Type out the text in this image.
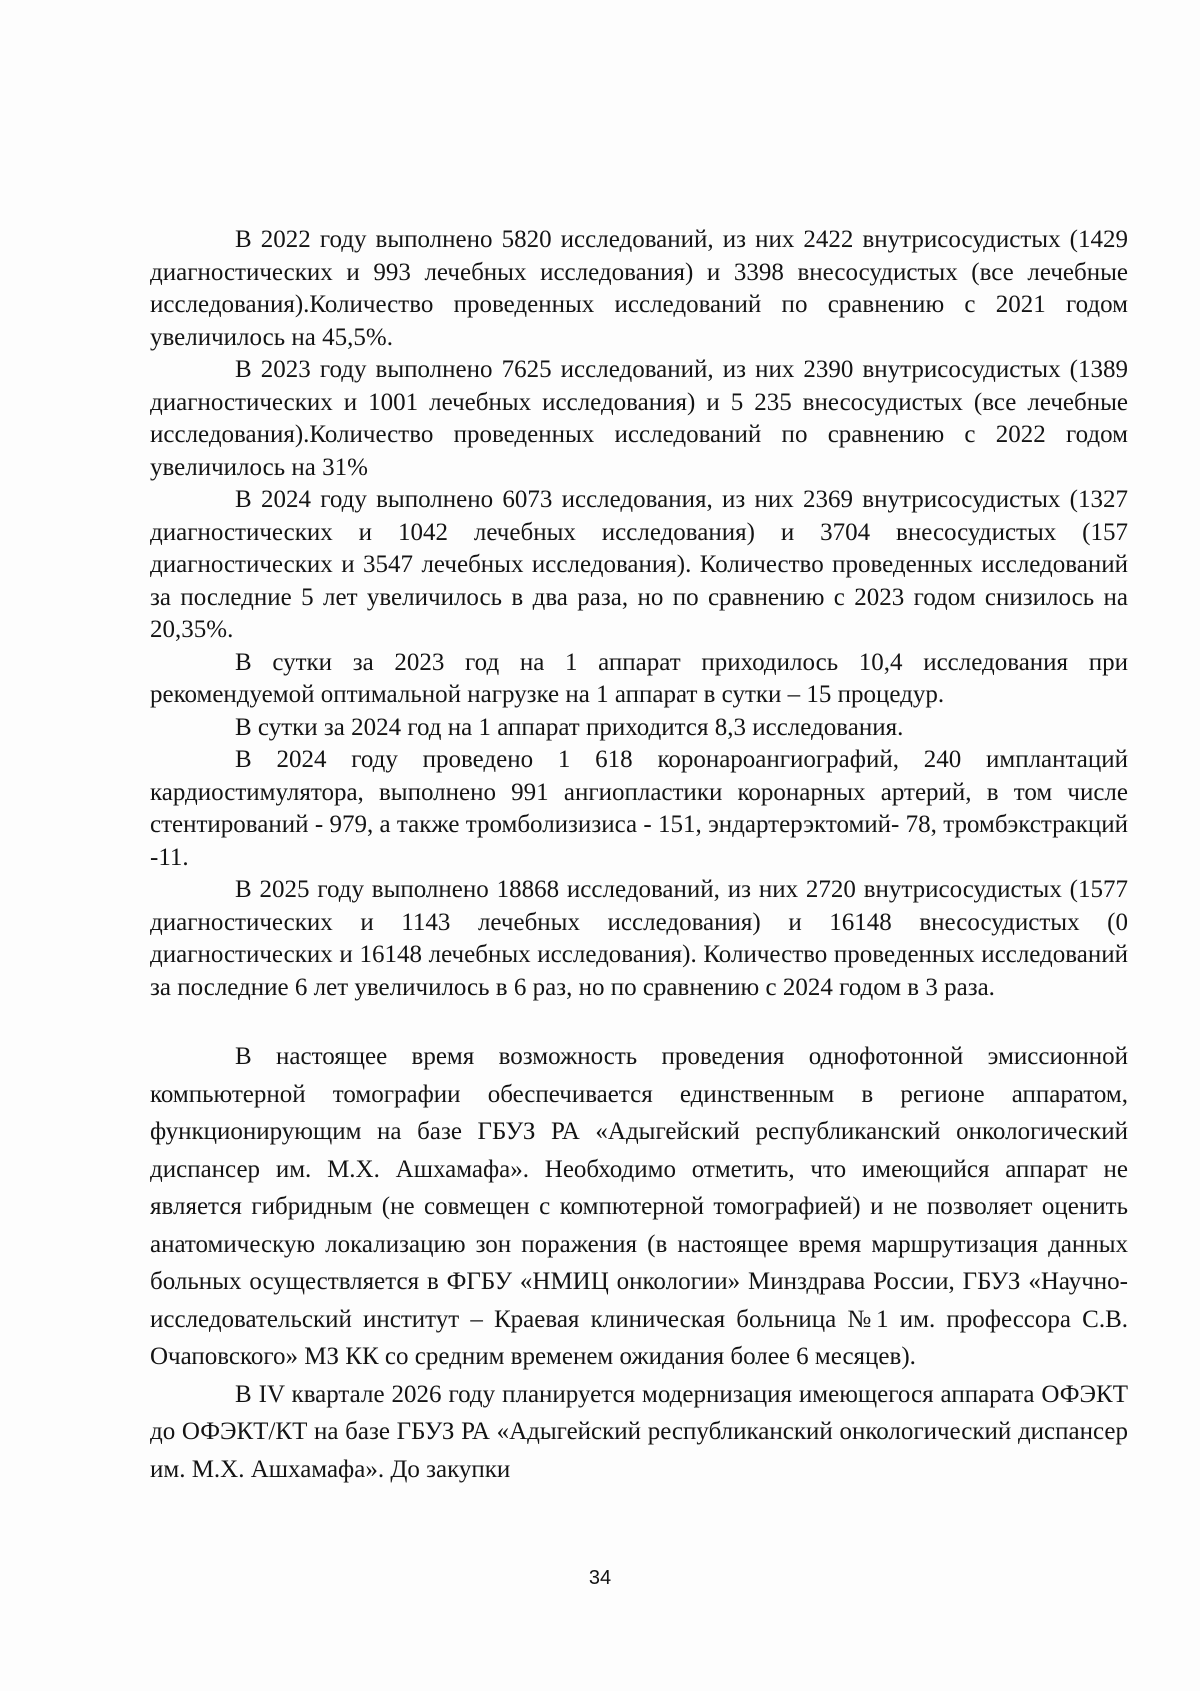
В 2022 году выполнено 5820 исследований, из них 2422 внутрисосудистых (1429 диагностических и 993 лечебных исследования) и 3398 внесосудистых (все лечебные исследования).Количество проведенных исследований по сравнению с 2021 годом увеличилось на 45,5%.

В 2023 году выполнено 7625 исследований, из них 2390 внутрисосудистых (1389 диагностических и 1001 лечебных исследования) и 5 235 внесосудистых (все лечебные исследования).Количество проведенных исследований по сравнению с 2022 годом увеличилось на 31%

В 2024 году выполнено 6073 исследования, из них 2369 внутрисосудистых (1327 диагностических и 1042 лечебных исследования) и 3704 внесосудистых (157 диагностических и 3547 лечебных исследования). Количество проведенных исследований за последние 5 лет увеличилось в два раза, но по сравнению с 2023 годом снизилось на 20,35%.

В сутки за 2023 год на 1 аппарат приходилось 10,4 исследования при рекомендуемой оптимальной нагрузке на 1 аппарат в сутки – 15 процедур.

В сутки за 2024 год на 1 аппарат приходится 8,3 исследования.

В 2024 году проведено 1 618 коронароангиографий, 240 имплантаций кардиостимулятора, выполнено 991 ангиопластики коронарных артерий, в том числе стентирований - 979, а также тромболизизиса - 151, эндартерэктомий- 78, тромбэкстракций -11.

В 2025 году выполнено 18868 исследований, из них 2720 внутрисосудистых (1577 диагностических и 1143 лечебных исследования) и 16148 внесосудистых (0 диагностических и 16148 лечебных исследования). Количество проведенных исследований за последние 6 лет увеличилось в 6 раз, но по сравнению с 2024 годом в 3 раза.

В настоящее время возможность проведения однофотонной эмиссионной компьютерной томографии обеспечивается единственным в регионе аппаратом, функционирующим на базе ГБУЗ РА «Адыгейский республиканский онкологический диспансер им. М.Х. Ашхамафа». Необходимо отметить, что имеющийся аппарат не является гибридным (не совмещен с компютерной томографией) и не позволяет оценить анатомическую локализацию зон поражения (в настоящее время маршрутизация данных больных осуществляется в ФГБУ «НМИЦ онкологии» Минздрава России, ГБУЗ «Научно-исследовательский институт – Краевая клиническая больница №1 им. профессора С.В. Очаповского» МЗ КК со средним временем ожидания более 6 месяцев).

В IV квартале 2026 году планируется модернизация имеющегося аппарата ОФЭКТ до ОФЭКТ/КТ на базе ГБУЗ РА «Адыгейский республиканский онкологический диспансер им. М.Х. Ашхамафа». До закупки

34
